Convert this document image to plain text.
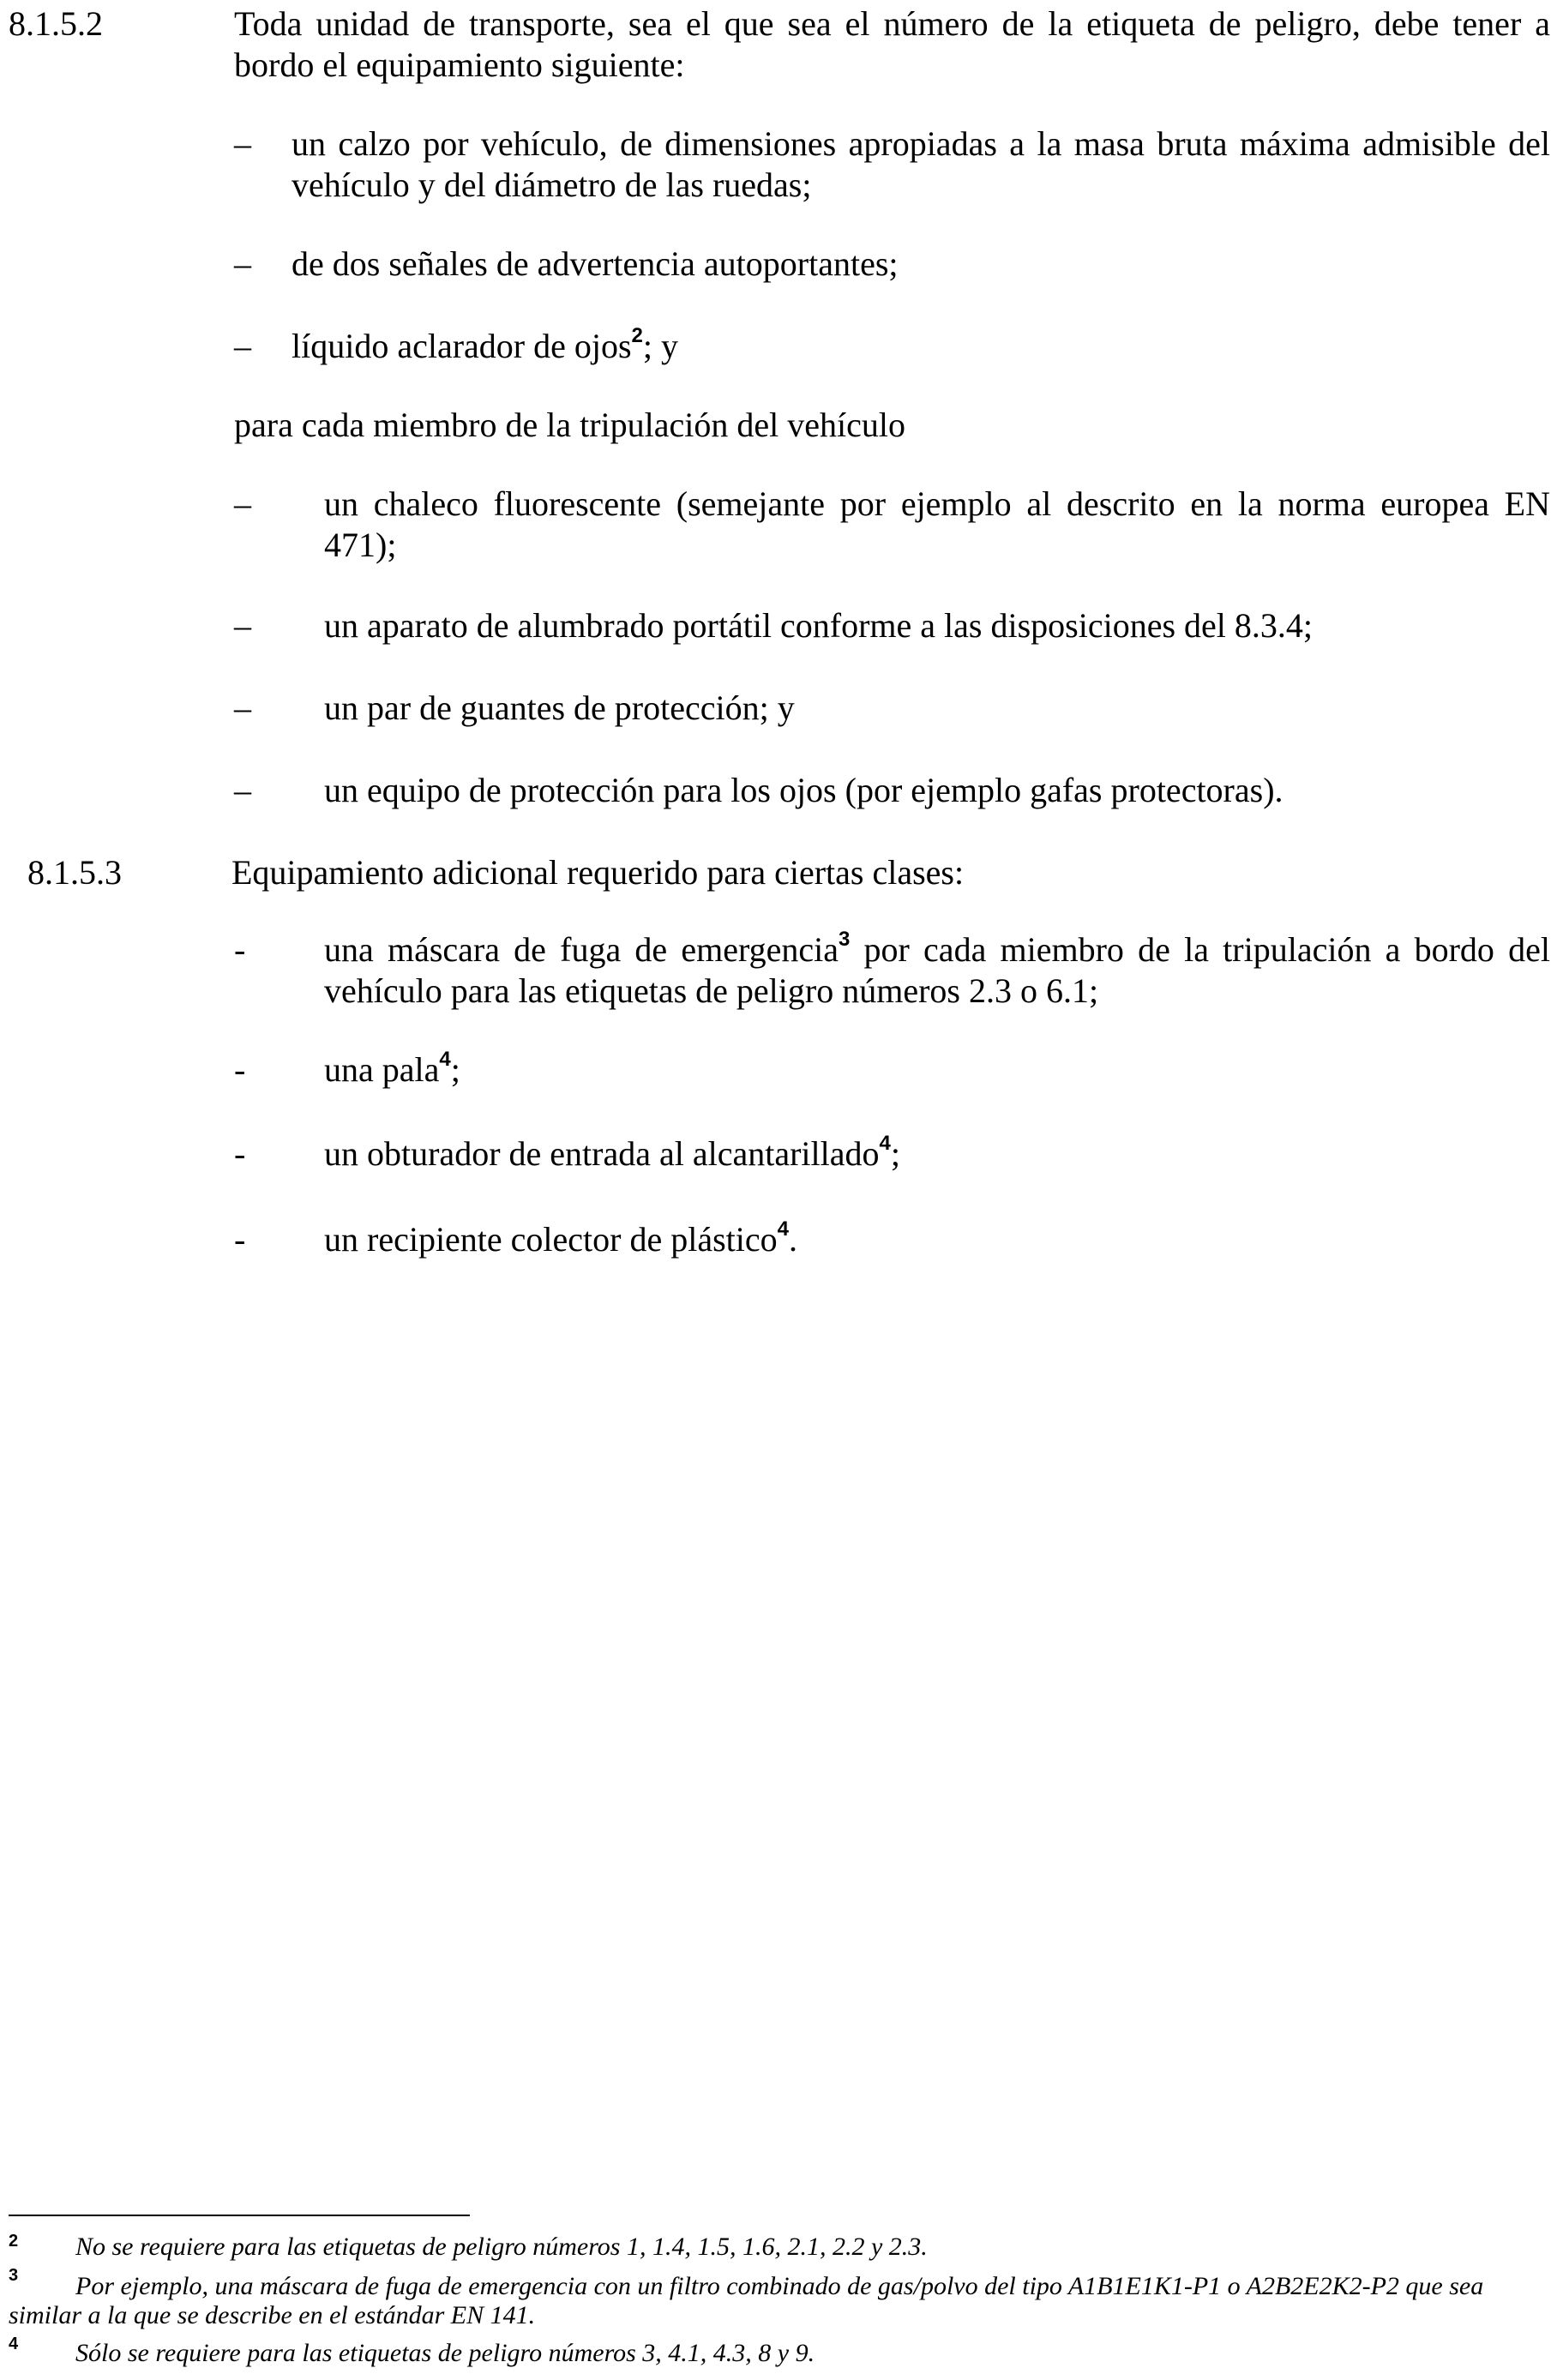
8.1.5.2	Toda unidad de transporte, sea el que sea el número de la etiqueta de peligro, debe tener a bordo el equipamiento siguiente:
– un calzo por vehículo, de dimensiones apropiadas a la masa bruta máxima admisible del vehículo y del diámetro de las ruedas;
– de dos señales de advertencia autoportantes;
– líquido aclarador de ojos$^2$; y
para cada miembro de la tripulación del vehículo
– un chaleco fluorescente (semejante por ejemplo al descrito en la norma europea EN 471);
– un aparato de alumbrado portátil conforme a las disposiciones del 8.3.4;
– un par de guantes de protección; y
– un equipo de protección para los ojos (por ejemplo gafas protectoras).
8.1.5.3	Equipamiento adicional requerido para ciertas clases:
- una máscara de fuga de emergencia$^3$ por cada miembro de la tripulación a bordo del vehículo para las etiquetas de peligro números 2.3 o 6.1;
- una pala$^4$;
- un obturador de entrada al alcantarillado$^4$;
- un recipiente colector de plástico$^4$.
2 No se requiere para las etiquetas de peligro números 1, 1.4, 1.5, 1.6, 2.1, 2.2 y 2.3.
3	Por ejemplo, una máscara de fuga de emergencia con un filtro combinado de gas/polvo del tipo A1B1E1K1-P1 o A2B2E2K2-P2 que sea similar a la que se describe en el estándar EN 141.
4 Sólo se requiere para las etiquetas de peligro números 3, 4.1, 4.3, 8 y 9.
